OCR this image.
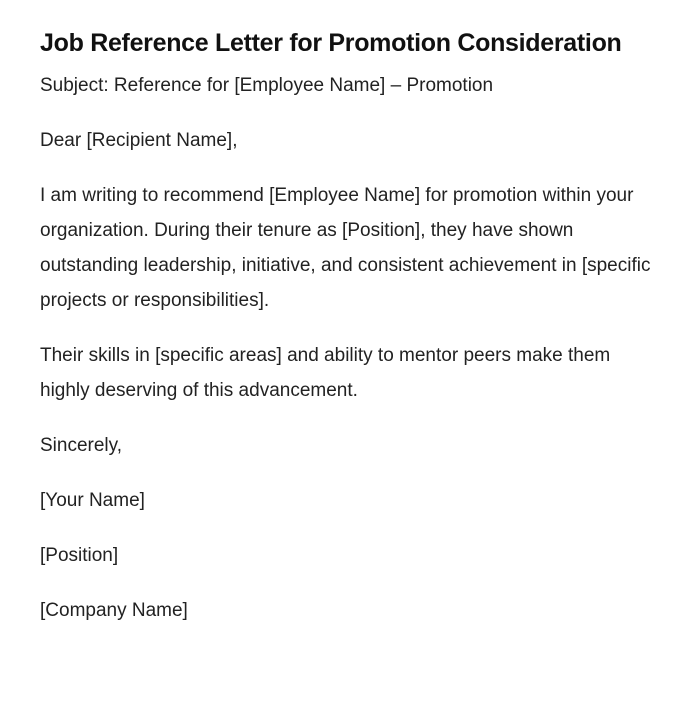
Job Reference Letter for Promotion Consideration

Subject: Reference for [Employee Name] – Promotion

Dear [Recipient Name],

I am writing to recommend [Employee Name] for promotion within your organization. During their tenure as [Position], they have shown outstanding leadership, initiative, and consistent achievement in [specific projects or responsibilities].

Their skills in [specific areas] and ability to mentor peers make them highly deserving of this advancement.

Sincerely,

[Your Name]

[Position]

[Company Name]
